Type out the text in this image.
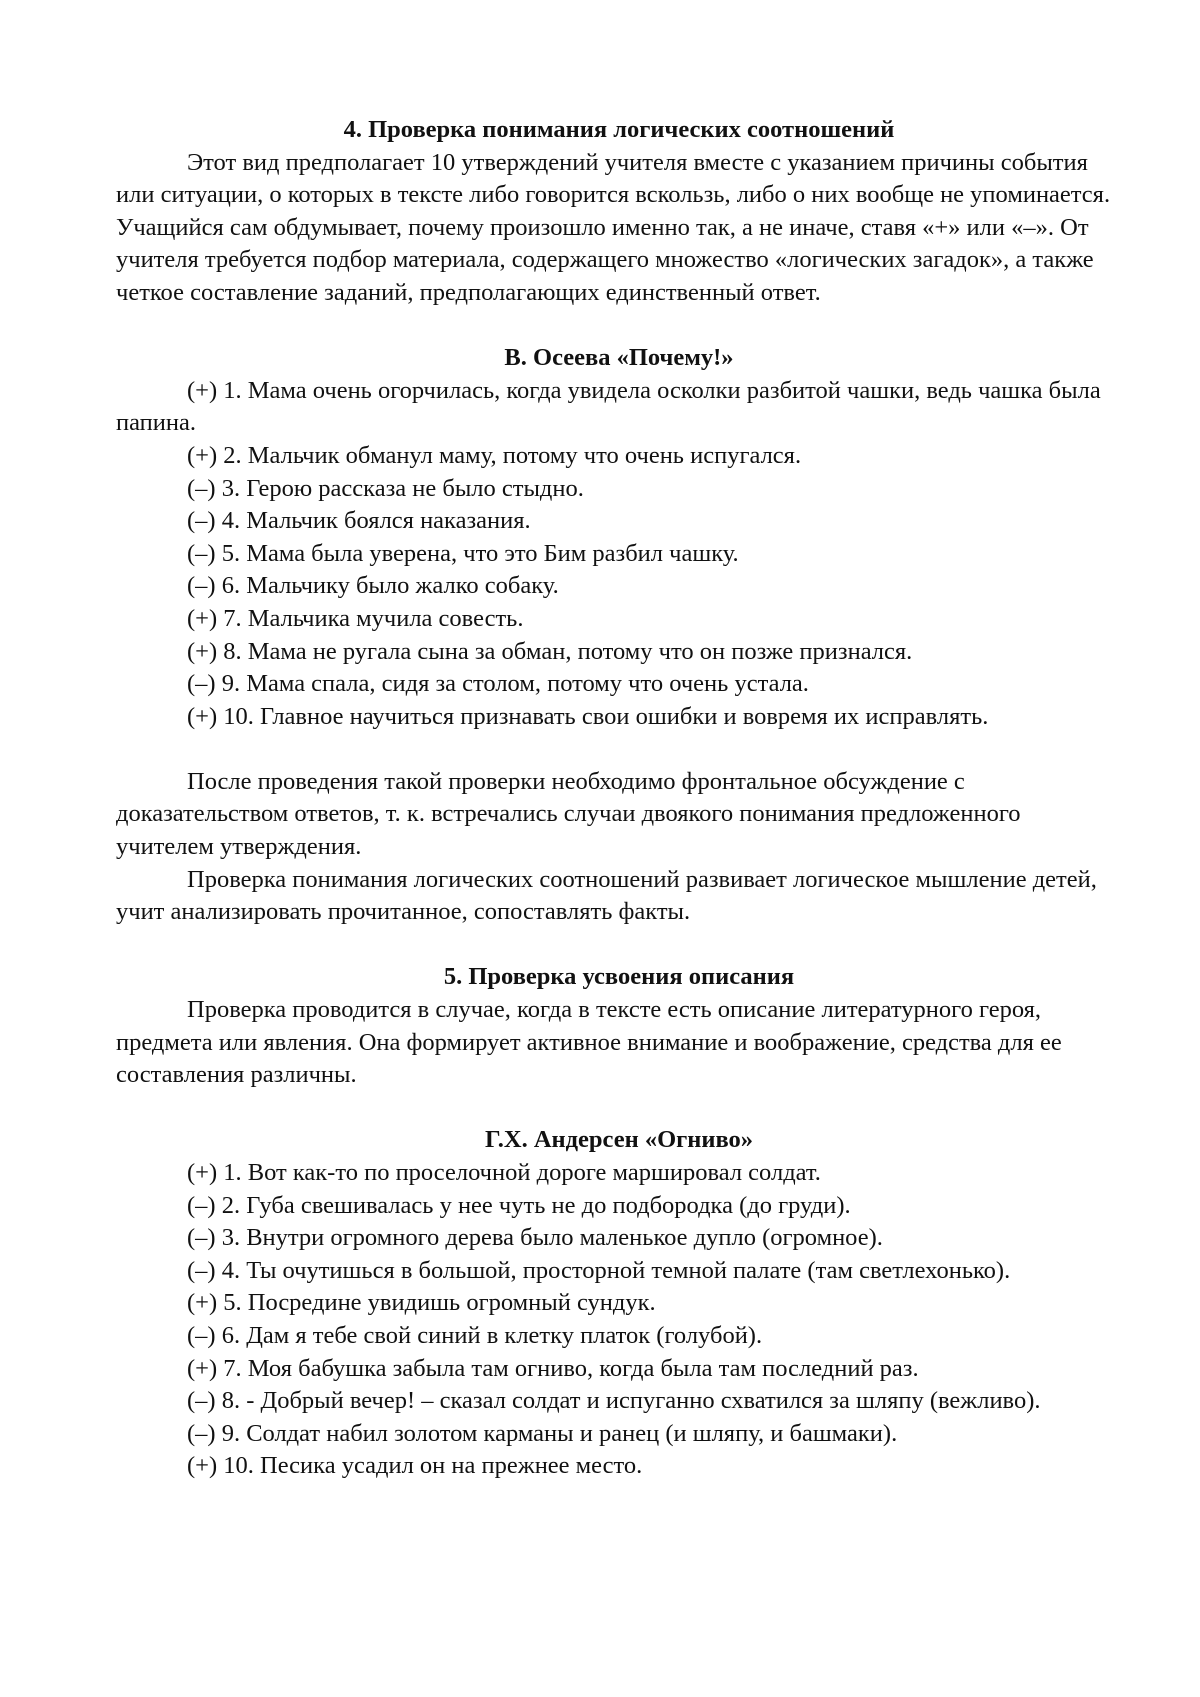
4. Проверка понимания логических соотношений

Этот вид предполагает 10 утверждений учителя вместе с указанием причины события или ситуации, о которых в тексте либо говорится вскользь, либо о них вообще не упоминается. Учащийся сам обдумывает, почему произошло именно так, а не иначе, ставя «+» или «–». От учителя требуется подбор материала, содержащего множество «логических загадок», а также четкое составление заданий, предполагающих единственный ответ.

В. Осеева «Почему!»

(+) 1. Мама очень огорчилась, когда увидела осколки разбитой чашки, ведь чашка была папина.

(+) 2. Мальчик обманул маму, потому что очень испугался.

(–) 3. Герою рассказа не было стыдно.

(–) 4. Мальчик боялся наказания.

(–) 5. Мама была уверена, что это Бим разбил чашку.

(–) 6. Мальчику было жалко собаку.

(+) 7. Мальчика мучила совесть.

(+) 8. Мама не ругала сына за обман, потому что он позже признался.

(–) 9. Мама спала, сидя за столом, потому что очень устала.

(+) 10. Главное научиться признавать свои ошибки и вовремя их исправлять.

После проведения такой проверки необходимо фронтальное обсуждение с доказательством ответов, т. к. встречались случаи двоякого понимания предложенного учителем утверждения.

Проверка понимания логических соотношений развивает логическое мышление детей, учит анализировать прочитанное, сопоставлять факты.

5. Проверка усвоения описания

Проверка проводится в случае, когда в тексте есть описание литературного героя, предмета или явления. Она формирует активное внимание и воображение, средства для ее составления различны.

Г.Х. Андерсен «Огниво»

(+) 1. Вот как-то по проселочной дороге маршировал солдат.

(–) 2. Губа свешивалась у нее чуть не до подбородка (до груди).

(–) 3. Внутри огромного дерева было маленькое дупло (огромное).

(–) 4. Ты очутишься в большой, просторной темной палате (там светлехонько).

(+) 5. Посредине увидишь огромный сундук.

(–) 6. Дам я тебе свой синий в клетку платок (голубой).

(+) 7. Моя бабушка забыла там огниво, когда была там последний раз.

(–) 8. - Добрый вечер! – сказал солдат и испуганно схватился за шляпу (вежливо).

(–) 9. Солдат набил золотом карманы и ранец (и шляпу, и башмаки).

(+) 10. Песика усадил он на прежнее место.
